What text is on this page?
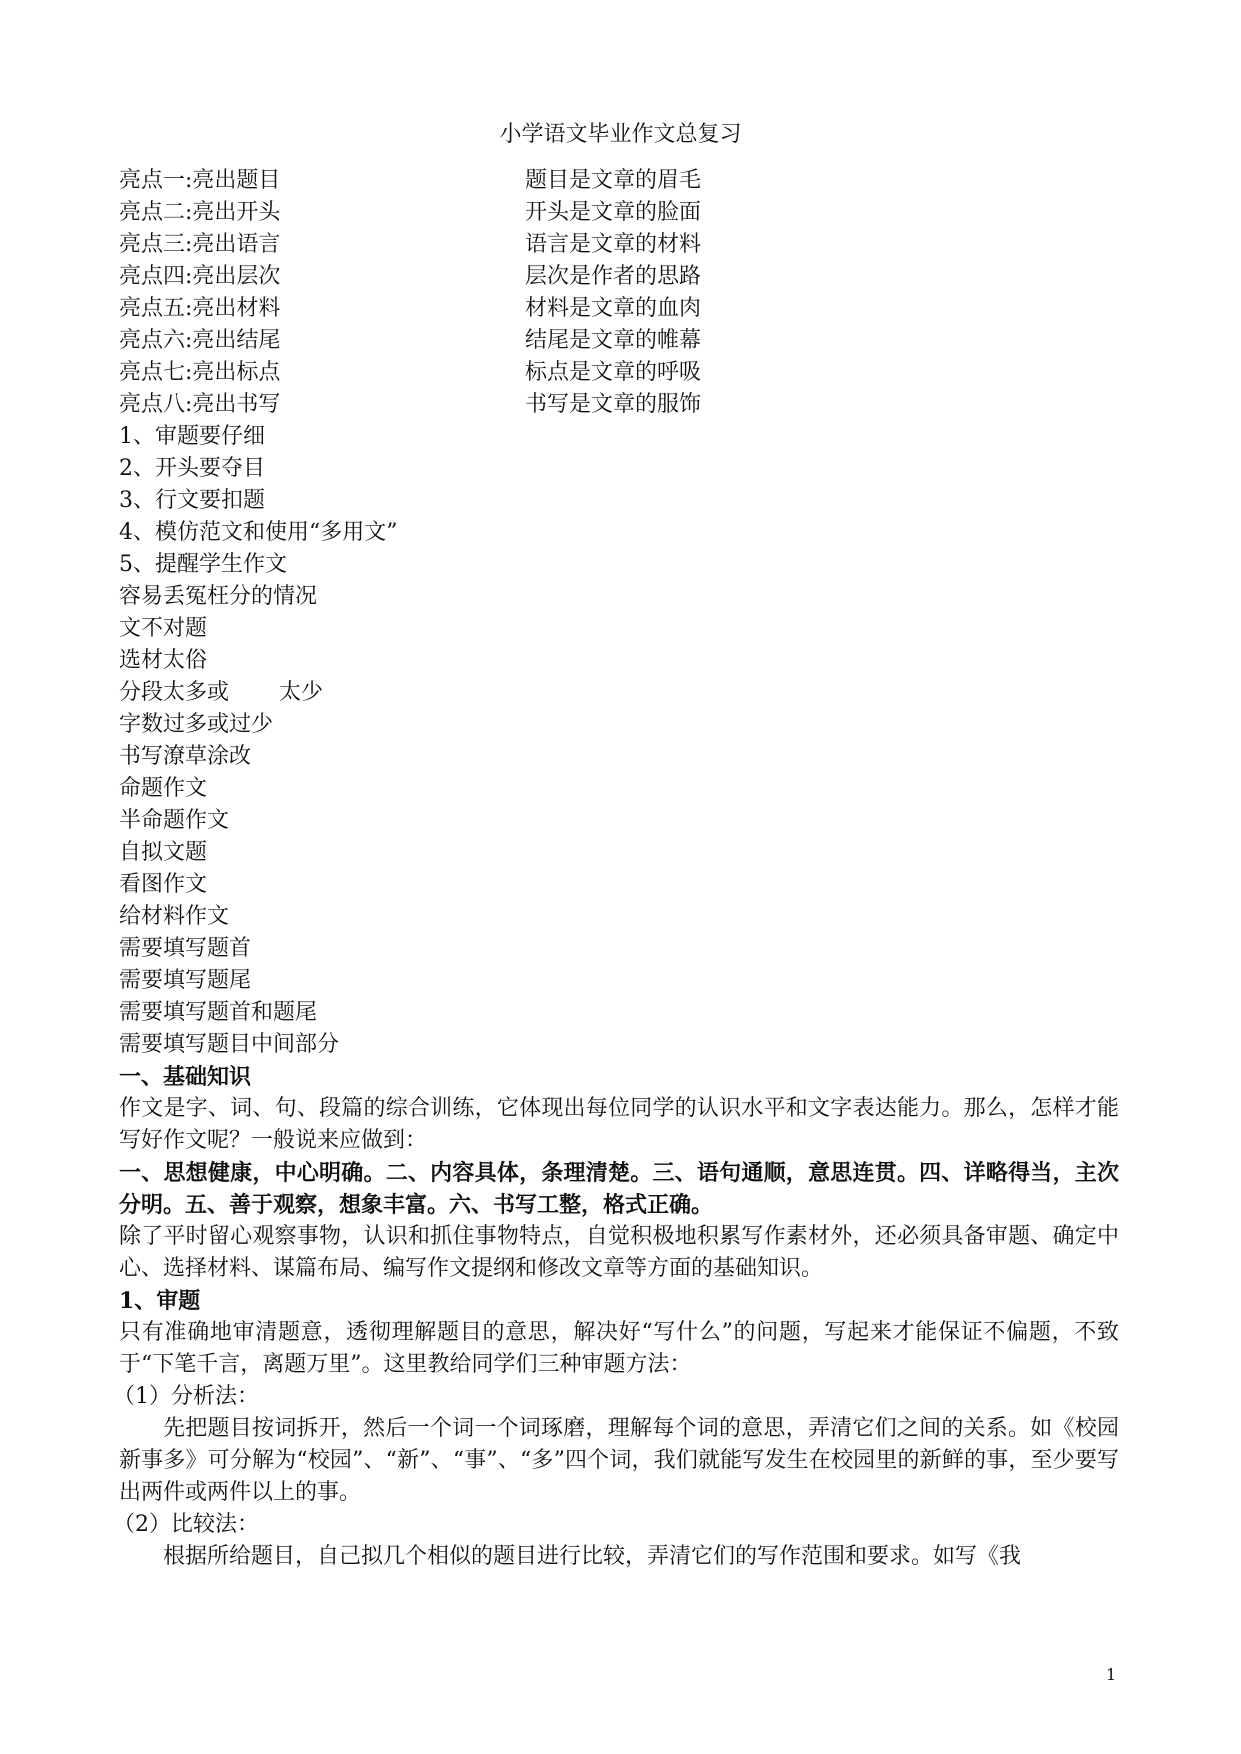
小学语文毕业作文总复习
亮点一:亮出题目	题目是文章的眉毛
亮点二:亮出开头	开头是文章的脸面
亮点三:亮出语言	语言是文章的材料
亮点四:亮出层次	层次是作者的思路
亮点五:亮出材料	材料是文章的血肉
亮点六:亮出结尾	结尾是文章的帷幕
亮点七:亮出标点	标点是文章的呼吸
亮点八:亮出书写	书写是文章的服饰
1、审题要仔细
2、开头要夺目
3、行文要扣题
4、模仿范文和使用“多用文”
5、提醒学生作文
容易丢冤枉分的情况
文不对题
选材太俗
分段太多或 太少
字数过多或过少
书写潦草涂改
命题作文
半命题作文
自拟文题
看图作文
给材料作文
需要填写题首
需要填写题尾
需要填写题首和题尾
需要填写题目中间部分
一、基础知识
作文是字、词、句、段篇的综合训练，它体现出每位同学的认识水平和文字表达能力。那么，怎样才能写好作文呢？一般说来应做到：
一、思想健康，中心明确。二、内容具体，条理清楚。三、语句通顺，意思连贯。四、详略得当，主次分明。五、善于观察，想象丰富。六、书写工整，格式正确。
除了平时留心观察事物，认识和抓住事物特点，自觉积极地积累写作素材外，还必须具备审题、确定中心、选择材料、谋篇布局、编写作文提纲和修改文章等方面的基础知识。
1、审题
只有准确地审清题意，透彻理解题目的意思，解决好“写什么”的问题，写起来才能保证不偏题，不致于“下笔千言，离题万里”。这里教给同学们三种审题方法：
（1）分析法：
先把题目按词拆开，然后一个词一个词琢磨，理解每个词的意思，弄清它们之间的关系。如《校园新事多》可分解为“校园”、“新”、“事”、“多”四个词，我们就能写发生在校园里的新鲜的事，至少要写出两件或两件以上的事。
（2）比较法：
根据所给题目，自己拟几个相似的题目进行比较，弄清它们的写作范围和要求。如写《我
1
